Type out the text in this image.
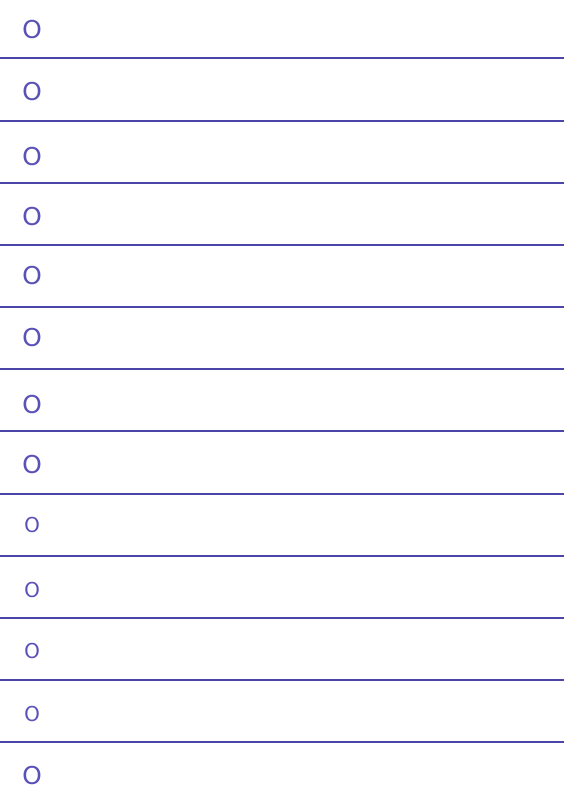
O
O
O
O
O
O
O
O
O
O
O
O
O
